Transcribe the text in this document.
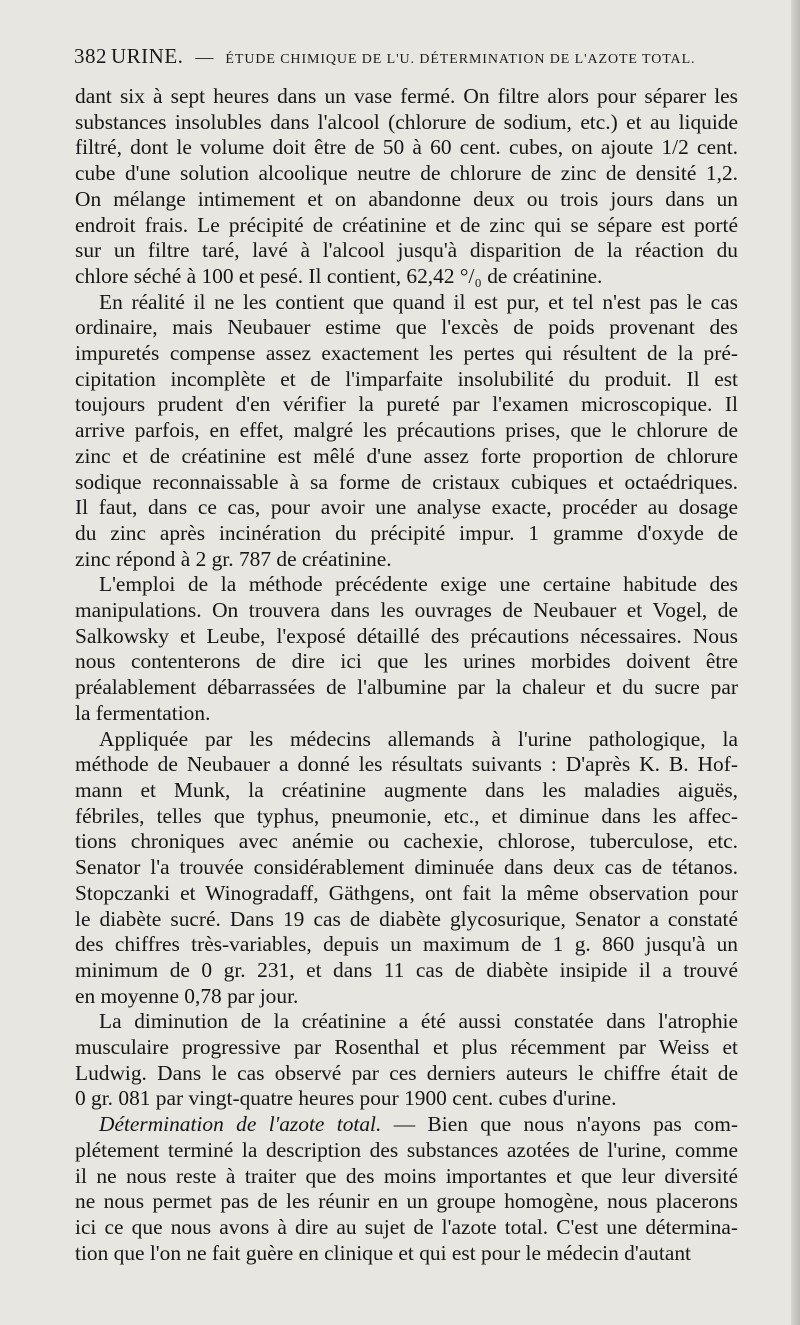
382 URINE. — ÉTUDE CHIMIQUE DE L'U. DÉTERMINATION DE L'AZOTE TOTAL.

dant six à sept heures dans un vase fermé. On filtre alors pour séparer les
substances insolubles dans l'alcool (chlorure de sodium, etc.) et au liquide
filtré, dont le volume doit être de 50 à 60 cent. cubes, on ajoute 1/2 cent.
cube d'une solution alcoolique neutre de chlorure de zinc de densité 1,2.
On mélange intimement et on abandonne deux ou trois jours dans un
endroit frais. Le précipité de créatinine et de zinc qui se sépare est porté
sur un filtre taré, lavé à l'alcool jusqu'à disparition de la réaction du
chlore séché à 100 et pesé. Il contient, 62,42 °/₀ de créatinine.

En réalité il ne les contient que quand il est pur, et tel n'est pas le cas
ordinaire, mais Neubauer estime que l'excès de poids provenant des
impuretés compense assez exactement les pertes qui résultent de la pré-
cipitation incomplète et de l'imparfaite insolubilité du produit. Il est
toujours prudent d'en vérifier la pureté par l'examen microscopique. Il
arrive parfois, en effet, malgré les précautions prises, que le chlorure de
zinc et de créatinine est mêlé d'une assez forte proportion de chlorure
sodique reconnaissable à sa forme de cristaux cubiques et octaédriques.
Il faut, dans ce cas, pour avoir une analyse exacte, procéder au dosage
du zinc après incinération du précipité impur. 1 gramme d'oxyde de
zinc répond à 2 gr. 787 de créatinine.

L'emploi de la méthode précédente exige une certaine habitude des
manipulations. On trouvera dans les ouvrages de Neubauer et Vogel, de
Salkowsky et Leube, l'exposé détaillé des précautions nécessaires. Nous
nous contenterons de dire ici que les urines morbides doivent être
préalablement débarrassées de l'albumine par la chaleur et du sucre par
la fermentation.

Appliquée par les médecins allemands à l'urine pathologique, la
méthode de Neubauer a donné les résultats suivants : D'après K. B. Hof-
mann et Munk, la créatinine augmente dans les maladies aiguës,
fébriles, telles que typhus, pneumonie, etc., et diminue dans les affec-
tions chroniques avec anémie ou cachexie, chlorose, tuberculose, etc.
Senator l'a trouvée considérablement diminuée dans deux cas de tétanos.
Stopczanki et Winogradaff, Gäthgens, ont fait la même observation pour
le diabète sucré. Dans 19 cas de diabète glycosurique, Senator a constaté
des chiffres très-variables, depuis un maximum de 1 g. 860 jusqu'à un
minimum de 0 gr. 231, et dans 11 cas de diabète insipide il a trouvé
en moyenne 0,78 par jour.

La diminution de la créatinine a été aussi constatée dans l'atrophie
musculaire progressive par Rosenthal et plus récemment par Weiss et
Ludwig. Dans le cas observé par ces derniers auteurs le chiffre était de
0 gr. 081 par vingt-quatre heures pour 1900 cent. cubes d'urine.

Détermination de l'azote total. — Bien que nous n'ayons pas com-
plétement terminé la description des substances azotées de l'urine, comme
il ne nous reste à traiter que des moins importantes et que leur diversité
ne nous permet pas de les réunir en un groupe homogène, nous placerons
ici ce que nous avons à dire au sujet de l'azote total. C'est une détermina-
tion que l'on ne fait guère en clinique et qui est pour le médecin d'autant
